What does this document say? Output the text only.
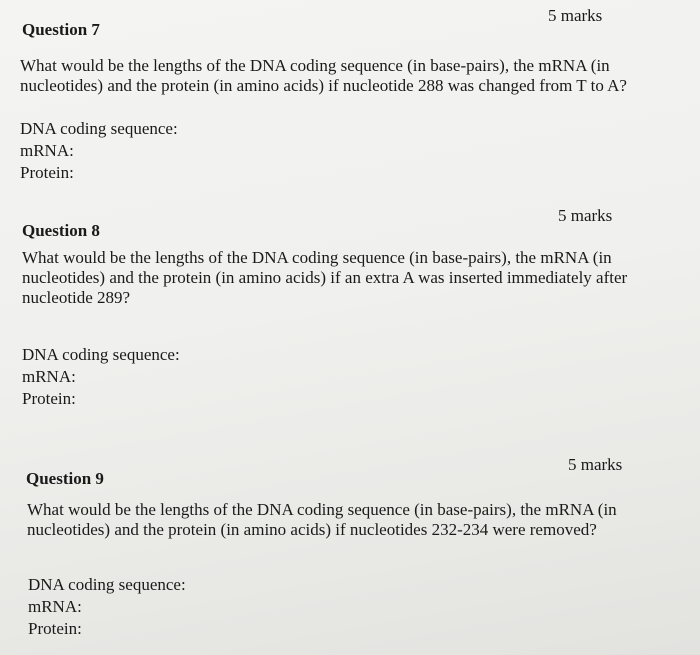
5 marks
Question 7
What would be the lengths of the DNA coding sequence (in base-pairs), the mRNA (in
nucleotides) and the protein (in amino acids) if nucleotide 288 was changed from T to A?
DNA coding sequence:
mRNA:
Protein:
5 marks
Question 8
What would be the lengths of the DNA coding sequence (in base-pairs), the mRNA (in
nucleotides) and the protein (in amino acids) if an extra A was inserted immediately after
nucleotide 289?
DNA coding sequence:
mRNA:
Protein:
5 marks
Question 9
What would be the lengths of the DNA coding sequence (in base-pairs), the mRNA (in
nucleotides) and the protein (in amino acids) if nucleotides 232-234 were removed?
DNA coding sequence:
mRNA:
Protein:
